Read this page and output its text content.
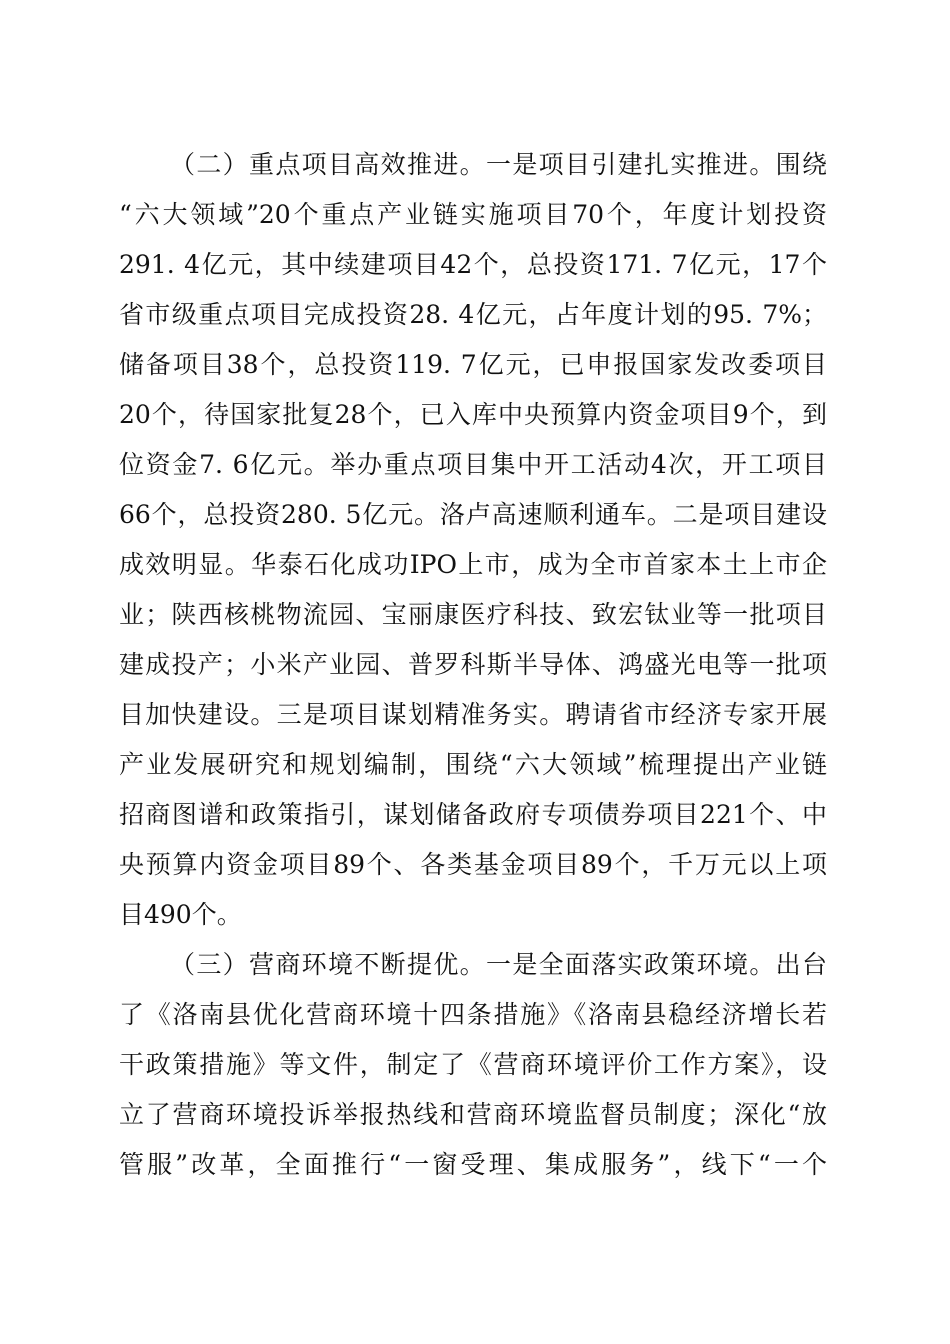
（二）重点项目高效推进。一是项目引建扎实推进。围绕
“六大领域”20个重点产业链实施项目70个，年度计划投资
291. 4亿元，其中续建项目42个，总投资171. 7亿元，17个
省市级重点项目完成投资28. 4亿元，占年度计划的95. 7%；
储备项目38个，总投资119. 7亿元，已申报国家发改委项目
20个，待国家批复28个，已入库中央预算内资金项目9个，到
位资金7. 6亿元。举办重点项目集中开工活动4次，开工项目
66个，总投资280. 5亿元。洛卢高速顺利通车。二是项目建设
成效明显。华泰石化成功IPO上市，成为全市首家本土上市企
业；陕西核桃物流园、宝丽康医疗科技、致宏钛业等一批项目
建成投产；小米产业园、普罗科斯半导体、鸿盛光电等一批项
目加快建设。三是项目谋划精准务实。聘请省市经济专家开展
产业发展研究和规划编制，围绕“六大领域”梳理提出产业链
招商图谱和政策指引，谋划储备政府专项债券项目221个、中
央预算内资金项目89个、各类基金项目89个，千万元以上项
目490个。
（三）营商环境不断提优。一是全面落实政策环境。出台
了《洛南县优化营商环境十四条措施》《洛南县稳经济增长若
干政策措施》等文件，制定了《营商环境评价工作方案》，设
立了营商环境投诉举报热线和营商环境监督员制度；深化“放
管服”改革，全面推行“一窗受理、集成服务”，线下“一个
